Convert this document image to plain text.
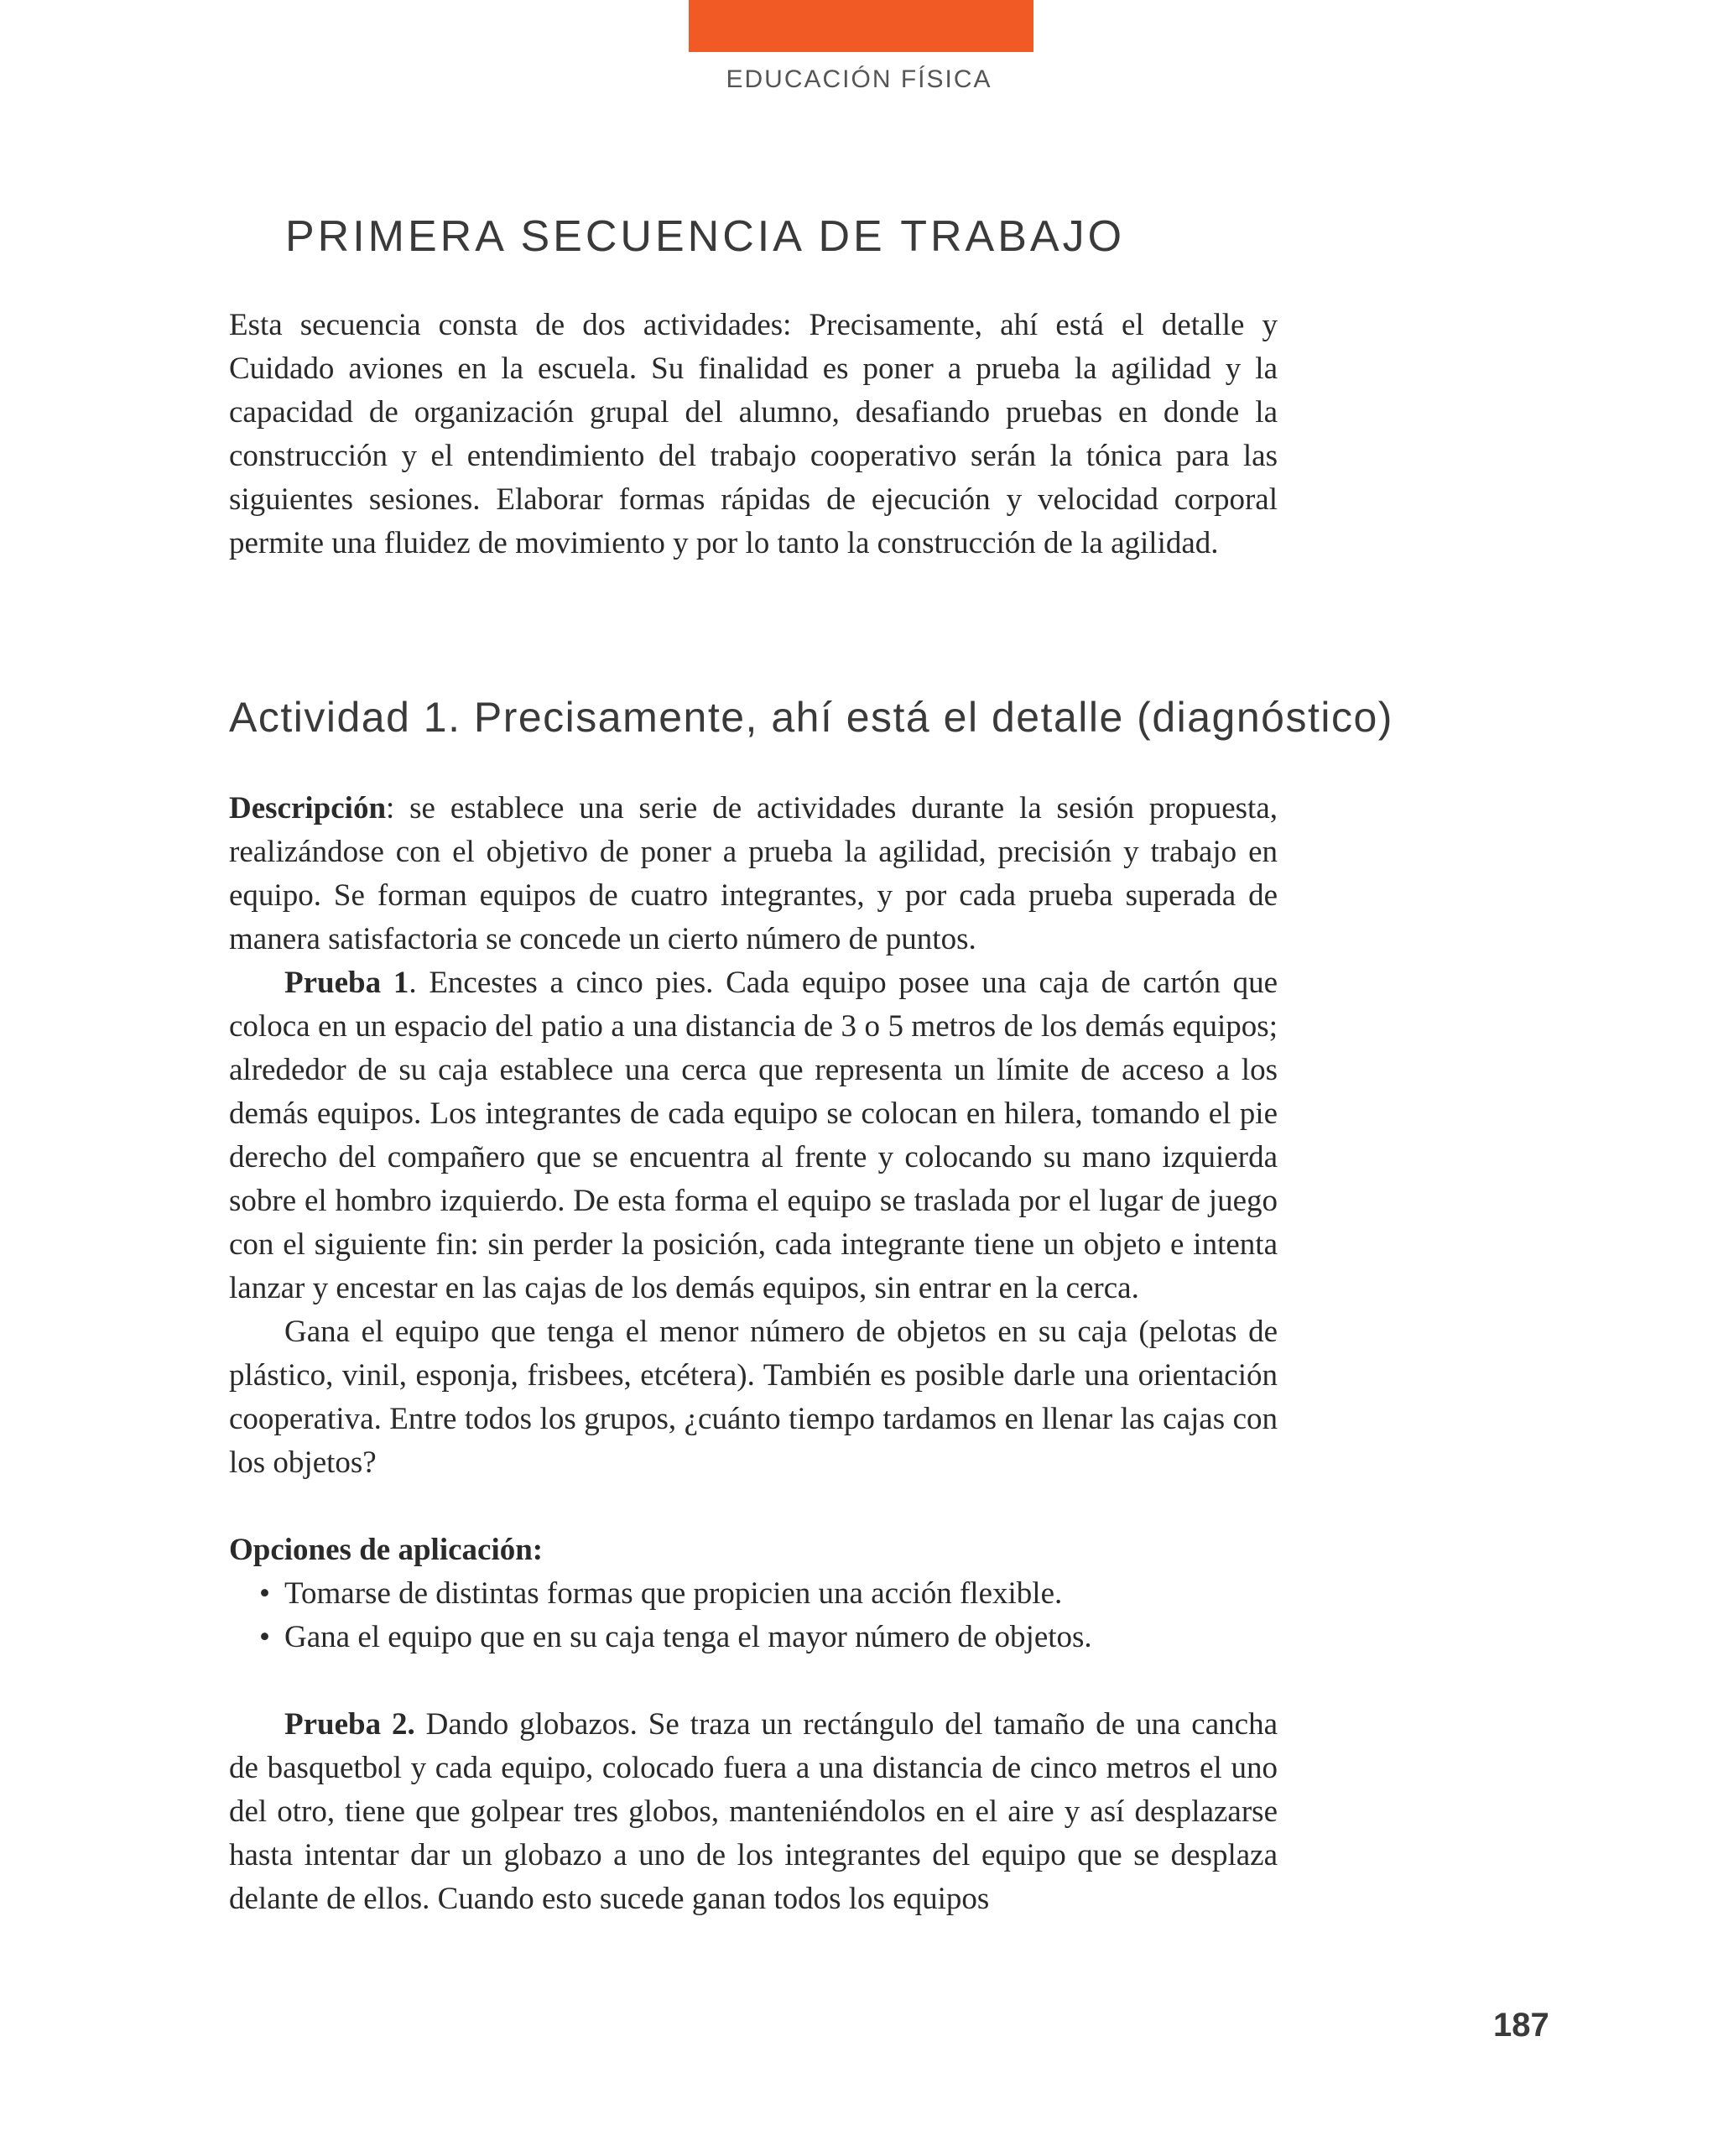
EDUCACIÓN FÍSICA
PRIMERA SECUENCIA DE TRABAJO

Esta secuencia consta de dos actividades: Precisamente, ahí está el detalle y Cuidado aviones en la escuela. Su finalidad es poner a prueba la agilidad y la capacidad de organización grupal del alumno, desafiando pruebas en donde la construcción y el entendimiento del trabajo cooperativo serán la tónica para las siguientes sesiones. Elaborar formas rápidas de ejecución y velocidad corporal permite una fluidez de movimiento y por lo tanto la construcción de la agilidad.

Actividad 1. Precisamente, ahí está el detalle (diagnóstico)

Descripción: se establece una serie de actividades durante la sesión propuesta, realizándose con el objetivo de poner a prueba la agilidad, precisión y trabajo en equipo. Se forman equipos de cuatro integrantes, y por cada prueba superada de manera satisfactoria se concede un cierto número de puntos.

Prueba 1. Encestes a cinco pies. Cada equipo posee una caja de cartón que coloca en un espacio del patio a una distancia de 3 o 5 metros de los demás equipos; alrededor de su caja establece una cerca que representa un límite de acceso a los demás equipos. Los integrantes de cada equipo se colocan en hilera, tomando el pie derecho del compañero que se encuentra al frente y colocando su mano izquierda sobre el hombro izquierdo. De esta forma el equipo se traslada por el lugar de juego con el siguiente fin: sin perder la posición, cada integrante tiene un objeto e intenta lanzar y encestar en las cajas de los demás equipos, sin entrar en la cerca.

Gana el equipo que tenga el menor número de objetos en su caja (pelotas de plástico, vinil, esponja, frisbees, etcétera). También es posible darle una orientación cooperativa. Entre todos los grupos, ¿cuánto tiempo tardamos en llenar las cajas con los objetos?

Opciones de aplicación:

• Tomarse de distintas formas que propicien una acción flexible.
• Gana el equipo que en su caja tenga el mayor número de objetos.

Prueba 2. Dando globazos. Se traza un rectángulo del tamaño de una cancha de basquetbol y cada equipo, colocado fuera a una distancia de cinco metros el uno del otro, tiene que golpear tres globos, manteniéndolos en el aire y así desplazarse hasta intentar dar un globazo a uno de los integrantes del equipo que se desplaza delante de ellos. Cuando esto sucede ganan todos los equipos

187
